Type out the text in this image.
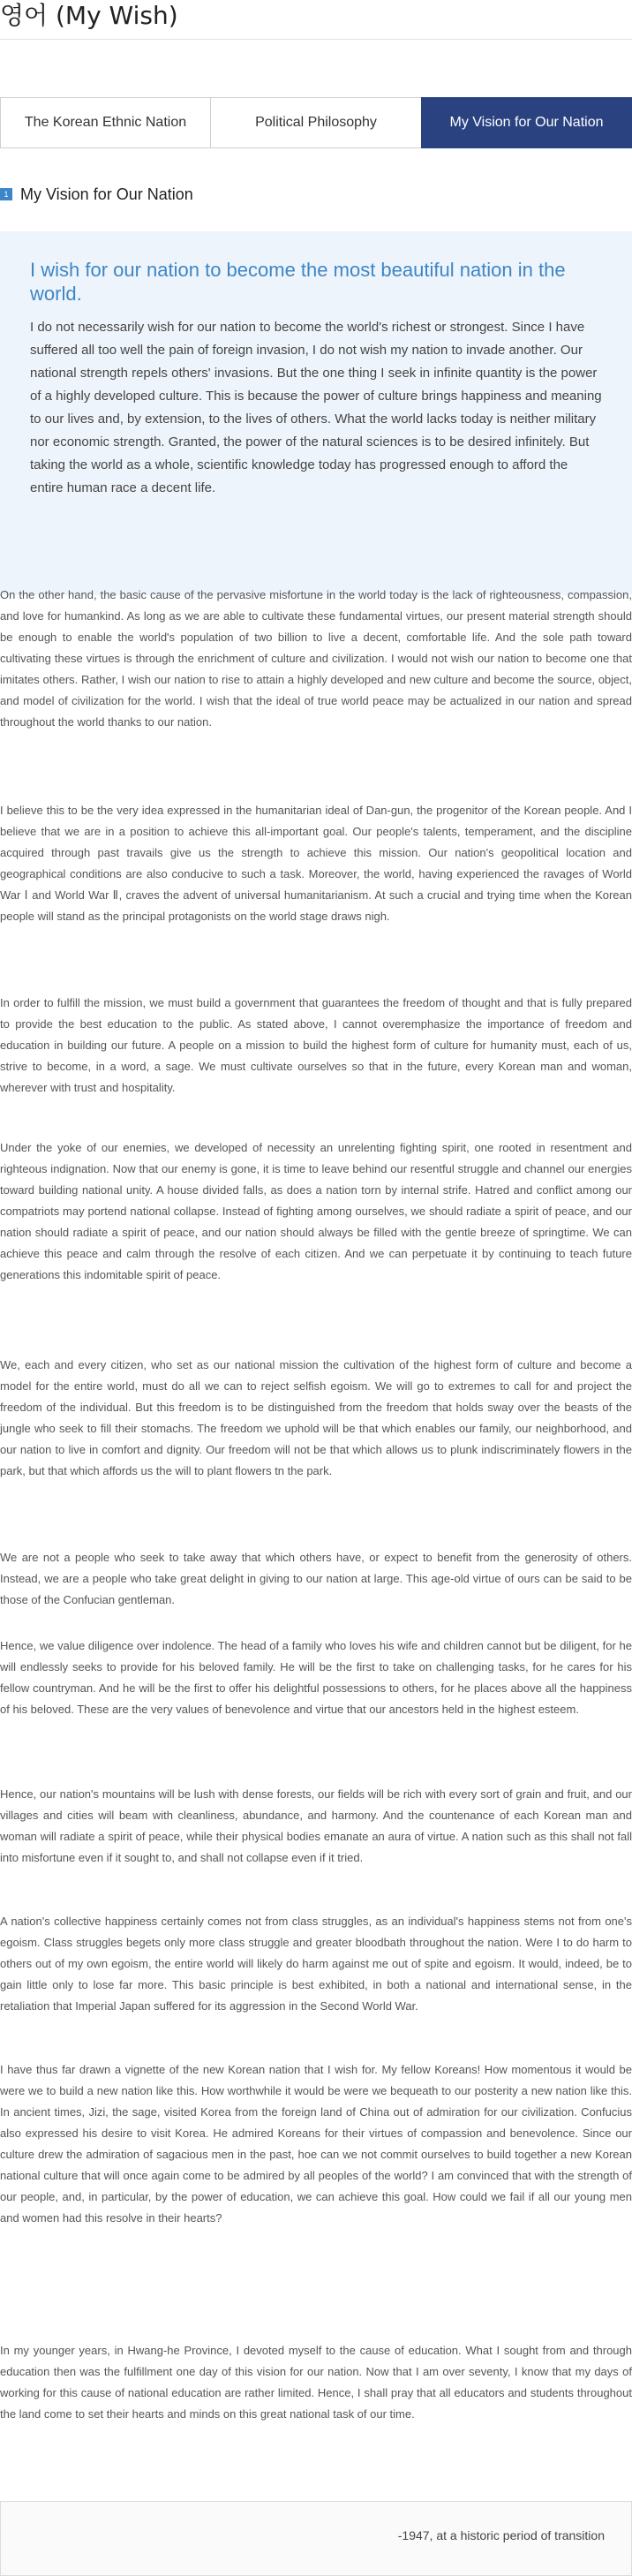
영어 (My Wish)
The Korean Ethnic Nation	Political Philosophy	My Vision for Our Nation
1 My Vision for Our Nation

I wish for our nation to become the most beautiful nation in the world.

I do not necessarily wish for our nation to become the world's richest or strongest. Since I have suffered all too well the pain of foreign invasion, I do not wish my nation to invade another. Our national strength repels others' invasions. But the one thing I seek in infinite quantity is the power of a highly developed culture. This is because the power of culture brings happiness and meaning to our lives and, by extension, to the lives of others. What the world lacks today is neither military nor economic strength. Granted, the power of the natural sciences is to be desired infinitely. But taking the world as a whole, scientific knowledge today has progressed enough to afford the entire human race a decent life.

On the other hand, the basic cause of the pervasive misfortune in the world today is the lack of righteousness, compassion, and love for humankind. As long as we are able to cultivate these fundamental virtues, our present material strength should be enough to enable the world's population of two billion to live a decent, comfortable life. And the sole path toward cultivating these virtues is through the enrichment of culture and civilization. I would not wish our nation to become one that imitates others. Rather, I wish our nation to rise to attain a highly developed and new culture and become the source, object, and model of civilization for the world. I wish that the ideal of true world peace may be actualized in our nation and spread throughout the world thanks to our nation.

I believe this to be the very idea expressed in the humanitarian ideal of Dan-gun, the progenitor of the Korean people. And I believe that we are in a position to achieve this all-important goal. Our people's talents, temperament, and the discipline acquired through past travails give us the strength to achieve this mission. Our nation's geopolitical location and geographical conditions are also conducive to such a task. Moreover, the world, having experienced the ravages of World War Ⅰ and World War Ⅱ, craves the advent of universal humanitarianism. At such a crucial and trying time when the Korean people will stand as the principal protagonists on the world stage draws nigh.

In order to fulfill the mission, we must build a government that guarantees the freedom of thought and that is fully prepared to provide the best education to the public. As stated above, I cannot overemphasize the importance of freedom and education in building our future. A people on a mission to build the highest form of culture for humanity must, each of us, strive to become, in a word, a sage. We must cultivate ourselves so that in the future, every Korean man and woman, wherever with trust and hospitality.

Under the yoke of our enemies, we developed of necessity an unrelenting fighting spirit, one rooted in resentment and righteous indignation. Now that our enemy is gone, it is time to leave behind our resentful struggle and channel our energies toward building national unity. A house divided falls, as does a nation torn by internal strife. Hatred and conflict among our compatriots may portend national collapse. Instead of fighting among ourselves, we should radiate a spirit of peace, and our nation should radiate a spirit of peace, and our nation should always be filled with the gentle breeze of springtime. We can achieve this peace and calm through the resolve of each citizen. And we can perpetuate it by continuing to teach future generations this indomitable spirit of peace.

We, each and every citizen, who set as our national mission the cultivation of the highest form of culture and become a model for the entire world, must do all we can to reject selfish egoism. We will go to extremes to call for and project the freedom of the individual. But this freedom is to be distinguished from the freedom that holds sway over the beasts of the jungle who seek to fill their stomachs. The freedom we uphold will be that which enables our family, our neighborhood, and our nation to live in comfort and dignity. Our freedom will not be that which allows us to plunk indiscriminately flowers in the park, but that which affords us the will to plant flowers tn the park.

We are not a people who seek to take away that which others have, or expect to benefit from the generosity of others. Instead, we are a people who take great delight in giving to our nation at large. This age-old virtue of ours can be said to be those of the Confucian gentleman.

Hence, we value diligence over indolence. The head of a family who loves his wife and children cannot but be diligent, for he will endlessly seeks to provide for his beloved family. He will be the first to take on challenging tasks, for he cares for his fellow countryman. And he will be the first to offer his delightful possessions to others, for he places above all the happiness of his beloved. These are the very values of benevolence and virtue that our ancestors held in the highest esteem.

Hence, our nation's mountains will be lush with dense forests, our fields will be rich with every sort of grain and fruit, and our villages and cities will beam with cleanliness, abundance, and harmony. And the countenance of each Korean man and woman will radiate a spirit of peace, while their physical bodies emanate an aura of virtue. A nation such as this shall not fall into misfortune even if it sought to, and shall not collapse even if it tried.

A nation's collective happiness certainly comes not from class struggles, as an individual's happiness stems not from one's egoism. Class struggles begets only more class struggle and greater bloodbath throughout the nation. Were I to do harm to others out of my own egoism, the entire world will likely do harm against me out of spite and egoism. It would, indeed, be to gain little only to lose far more. This basic principle is best exhibited, in both a national and international sense, in the retaliation that Imperial Japan suffered for its aggression in the Second World War.

I have thus far drawn a vignette of the new Korean nation that I wish for. My fellow Koreans! How momentous it would be were we to build a new nation like this. How worthwhile it would be were we bequeath to our posterity a new nation like this. In ancient times, Jizi, the sage, visited Korea from the foreign land of China out of admiration for our civilization. Confucius also expressed his desire to visit Korea. He admired Koreans for their virtues of compassion and benevolence. Since our culture drew the admiration of sagacious men in the past, hoe can we not commit ourselves to build together a new Korean national culture that will once again come to be admired by all peoples of the world? I am convinced that with the strength of our people, and, in particular, by the power of education, we can achieve this goal. How could we fail if all our young men and women had this resolve in their hearts?

In my younger years, in Hwang-he Province, I devoted myself to the cause of education. What I sought from and through education then was the fulfillment one day of this vision for our nation. Now that I am over seventy, I know that my days of working for this cause of national education are rather limited. Hence, I shall pray that all educators and students throughout the land come to set their hearts and minds on this great national task of our time.

-1947, at a historic period of transition
